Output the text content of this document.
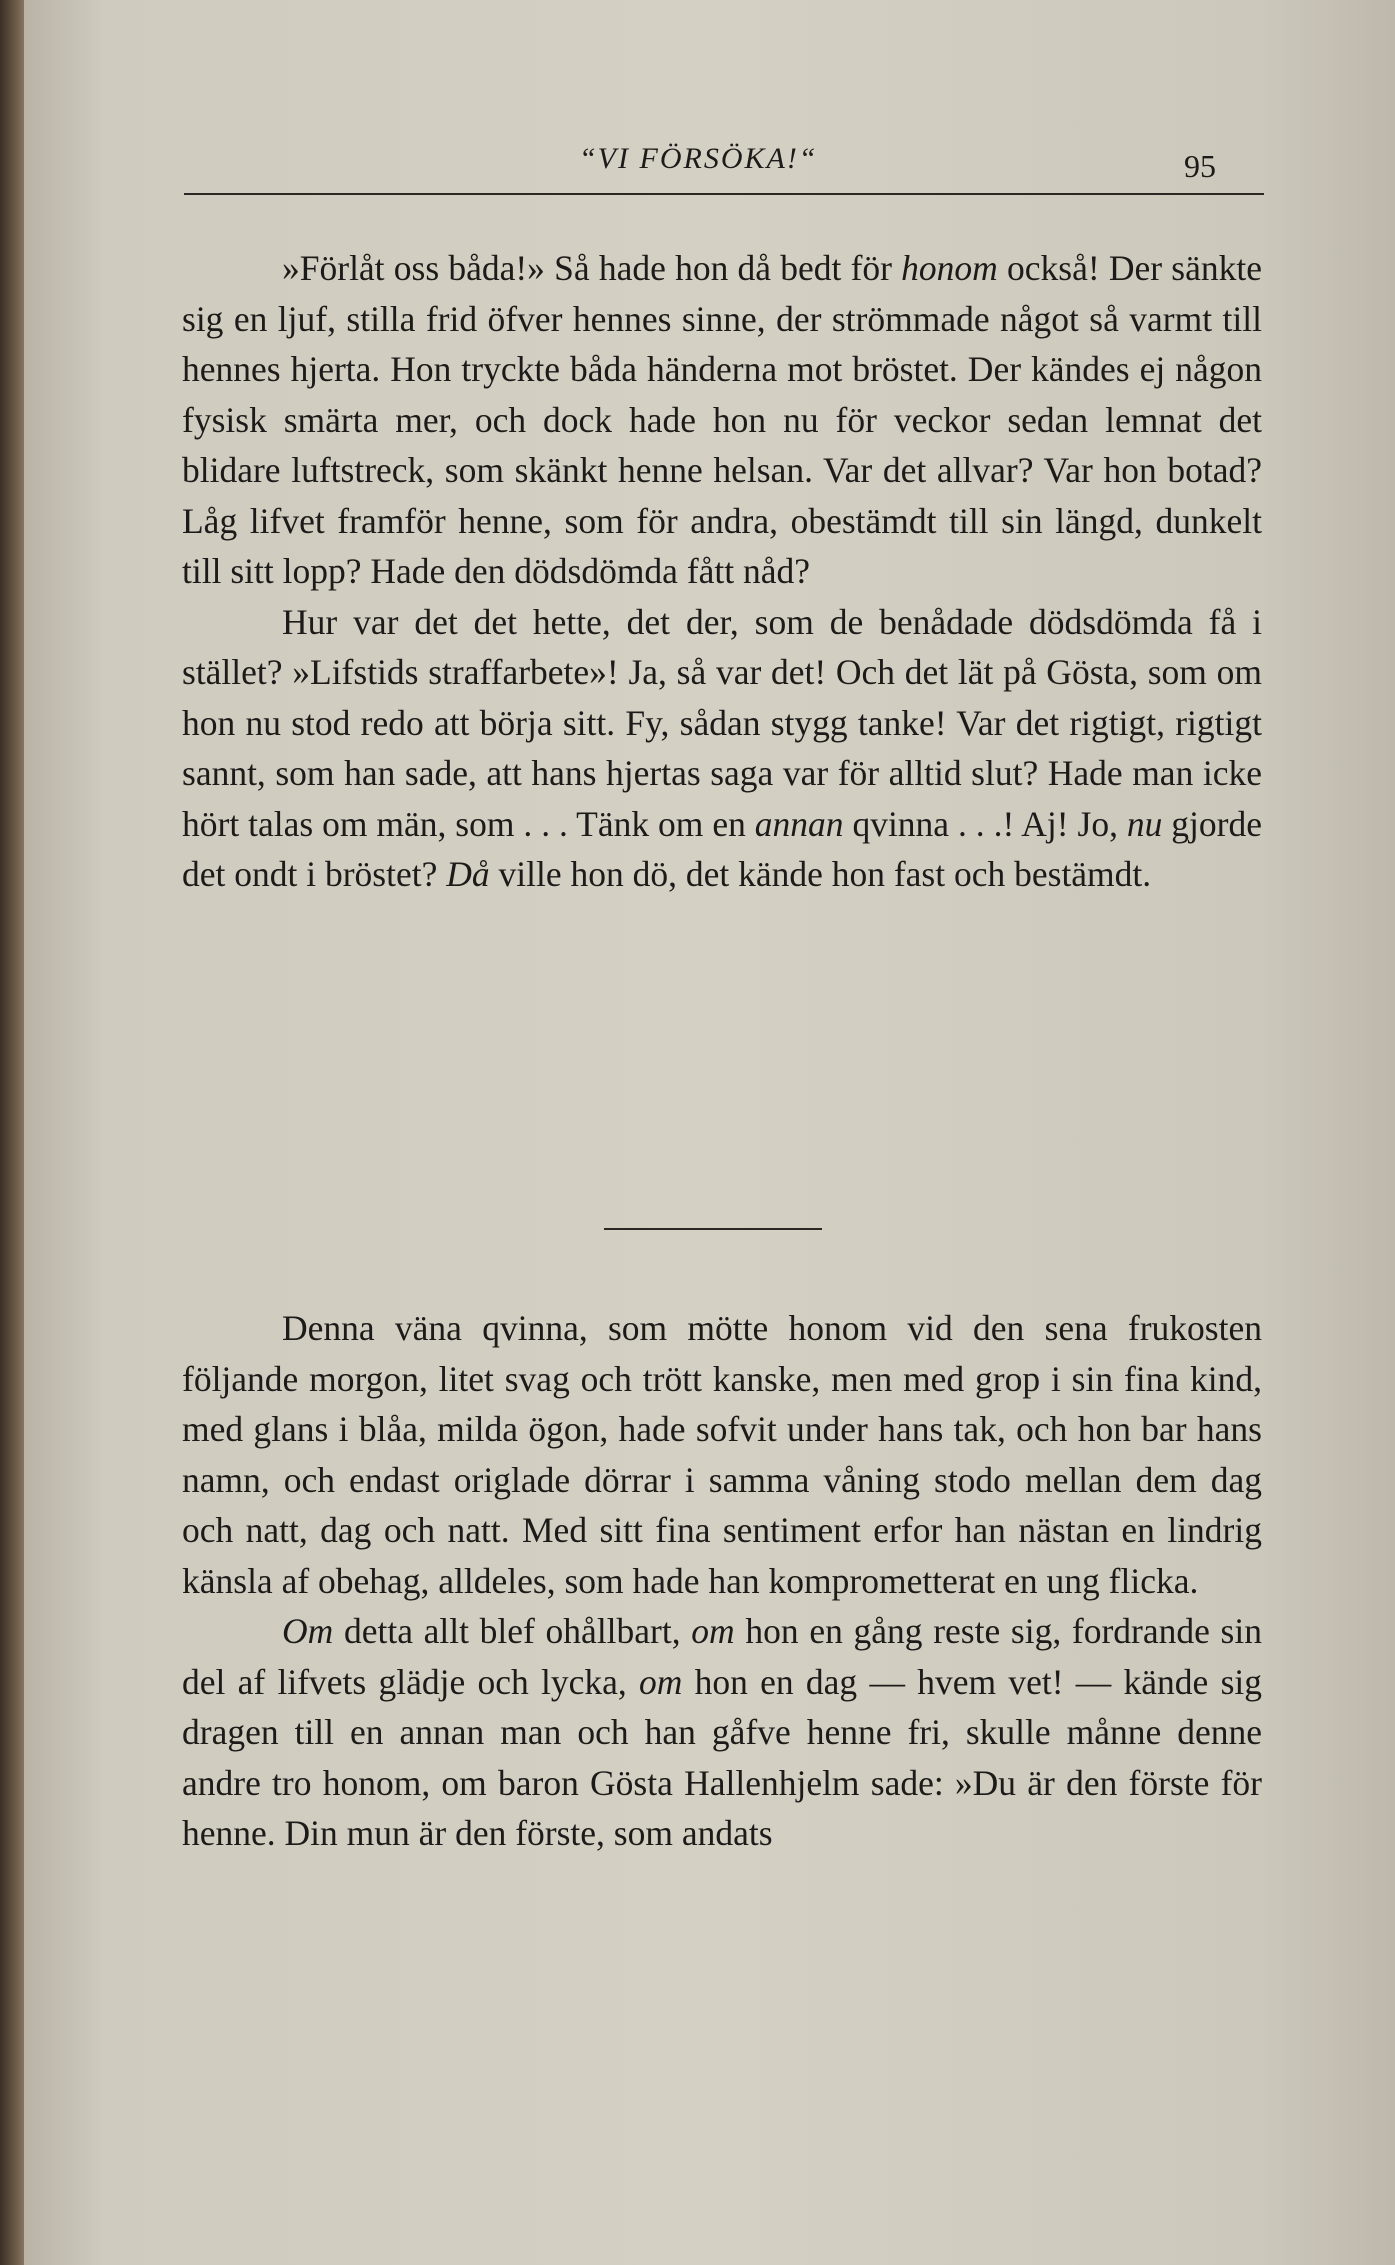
“VI FÖRSÖKA!“	95

»Förlåt oss båda!» Så hade hon då bedt för honom också! Der sänkte sig en ljuf, stilla frid öfver hennes sinne, der strömmade något så varmt till hennes hjerta. Hon tryckte båda händerna mot bröstet. Der kändes ej någon fysisk smärta mer, och dock hade hon nu för veckor sedan lemnat det blidare luftstreck, som skänkt henne helsan. Var det allvar? Var hon botad? Låg lifvet framför henne, som för andra, obestämdt till sin längd, dunkelt till sitt lopp? Hade den dödsdömda fått nåd?

Hur var det det hette, det der, som de benådade dödsdömda få i stället? »Lifstids straffarbete»! Ja, så var det! Och det lät på Gösta, som om hon nu stod redo att börja sitt. Fy, sådan stygg tanke! Var det rigtigt, rigtigt sannt, som han sade, att hans hjertas saga var för alltid slut? Hade man icke hört talas om män, som . . . Tänk om en annan qvinna . . .! Aj! Jo, nu gjorde det ondt i bröstet? Då ville hon dö, det kände hon fast och bestämdt.

Denna väna qvinna, som mötte honom vid den sena frukosten följande morgon, litet svag och trött kanske, men med grop i sin fina kind, med glans i blåa, milda ögon, hade sofvit under hans tak, och hon bar hans namn, och endast origlade dörrar i samma våning stodo mellan dem dag och natt, dag och natt. Med sitt fina sentiment erfor han nästan en lindrig känsla af obehag, alldeles, som hade han komprometterat en ung flicka.

Om detta allt blef ohållbart, om hon en gång reste sig, fordrande sin del af lifvets glädje och lycka, om hon en dag — hvem vet! — kände sig dragen till en annan man och han gåfve henne fri, skulle månne denne andre tro honom, om baron Gösta Hallenhjelm sade: »Du är den förste för henne. Din mun är den förste, som andats
